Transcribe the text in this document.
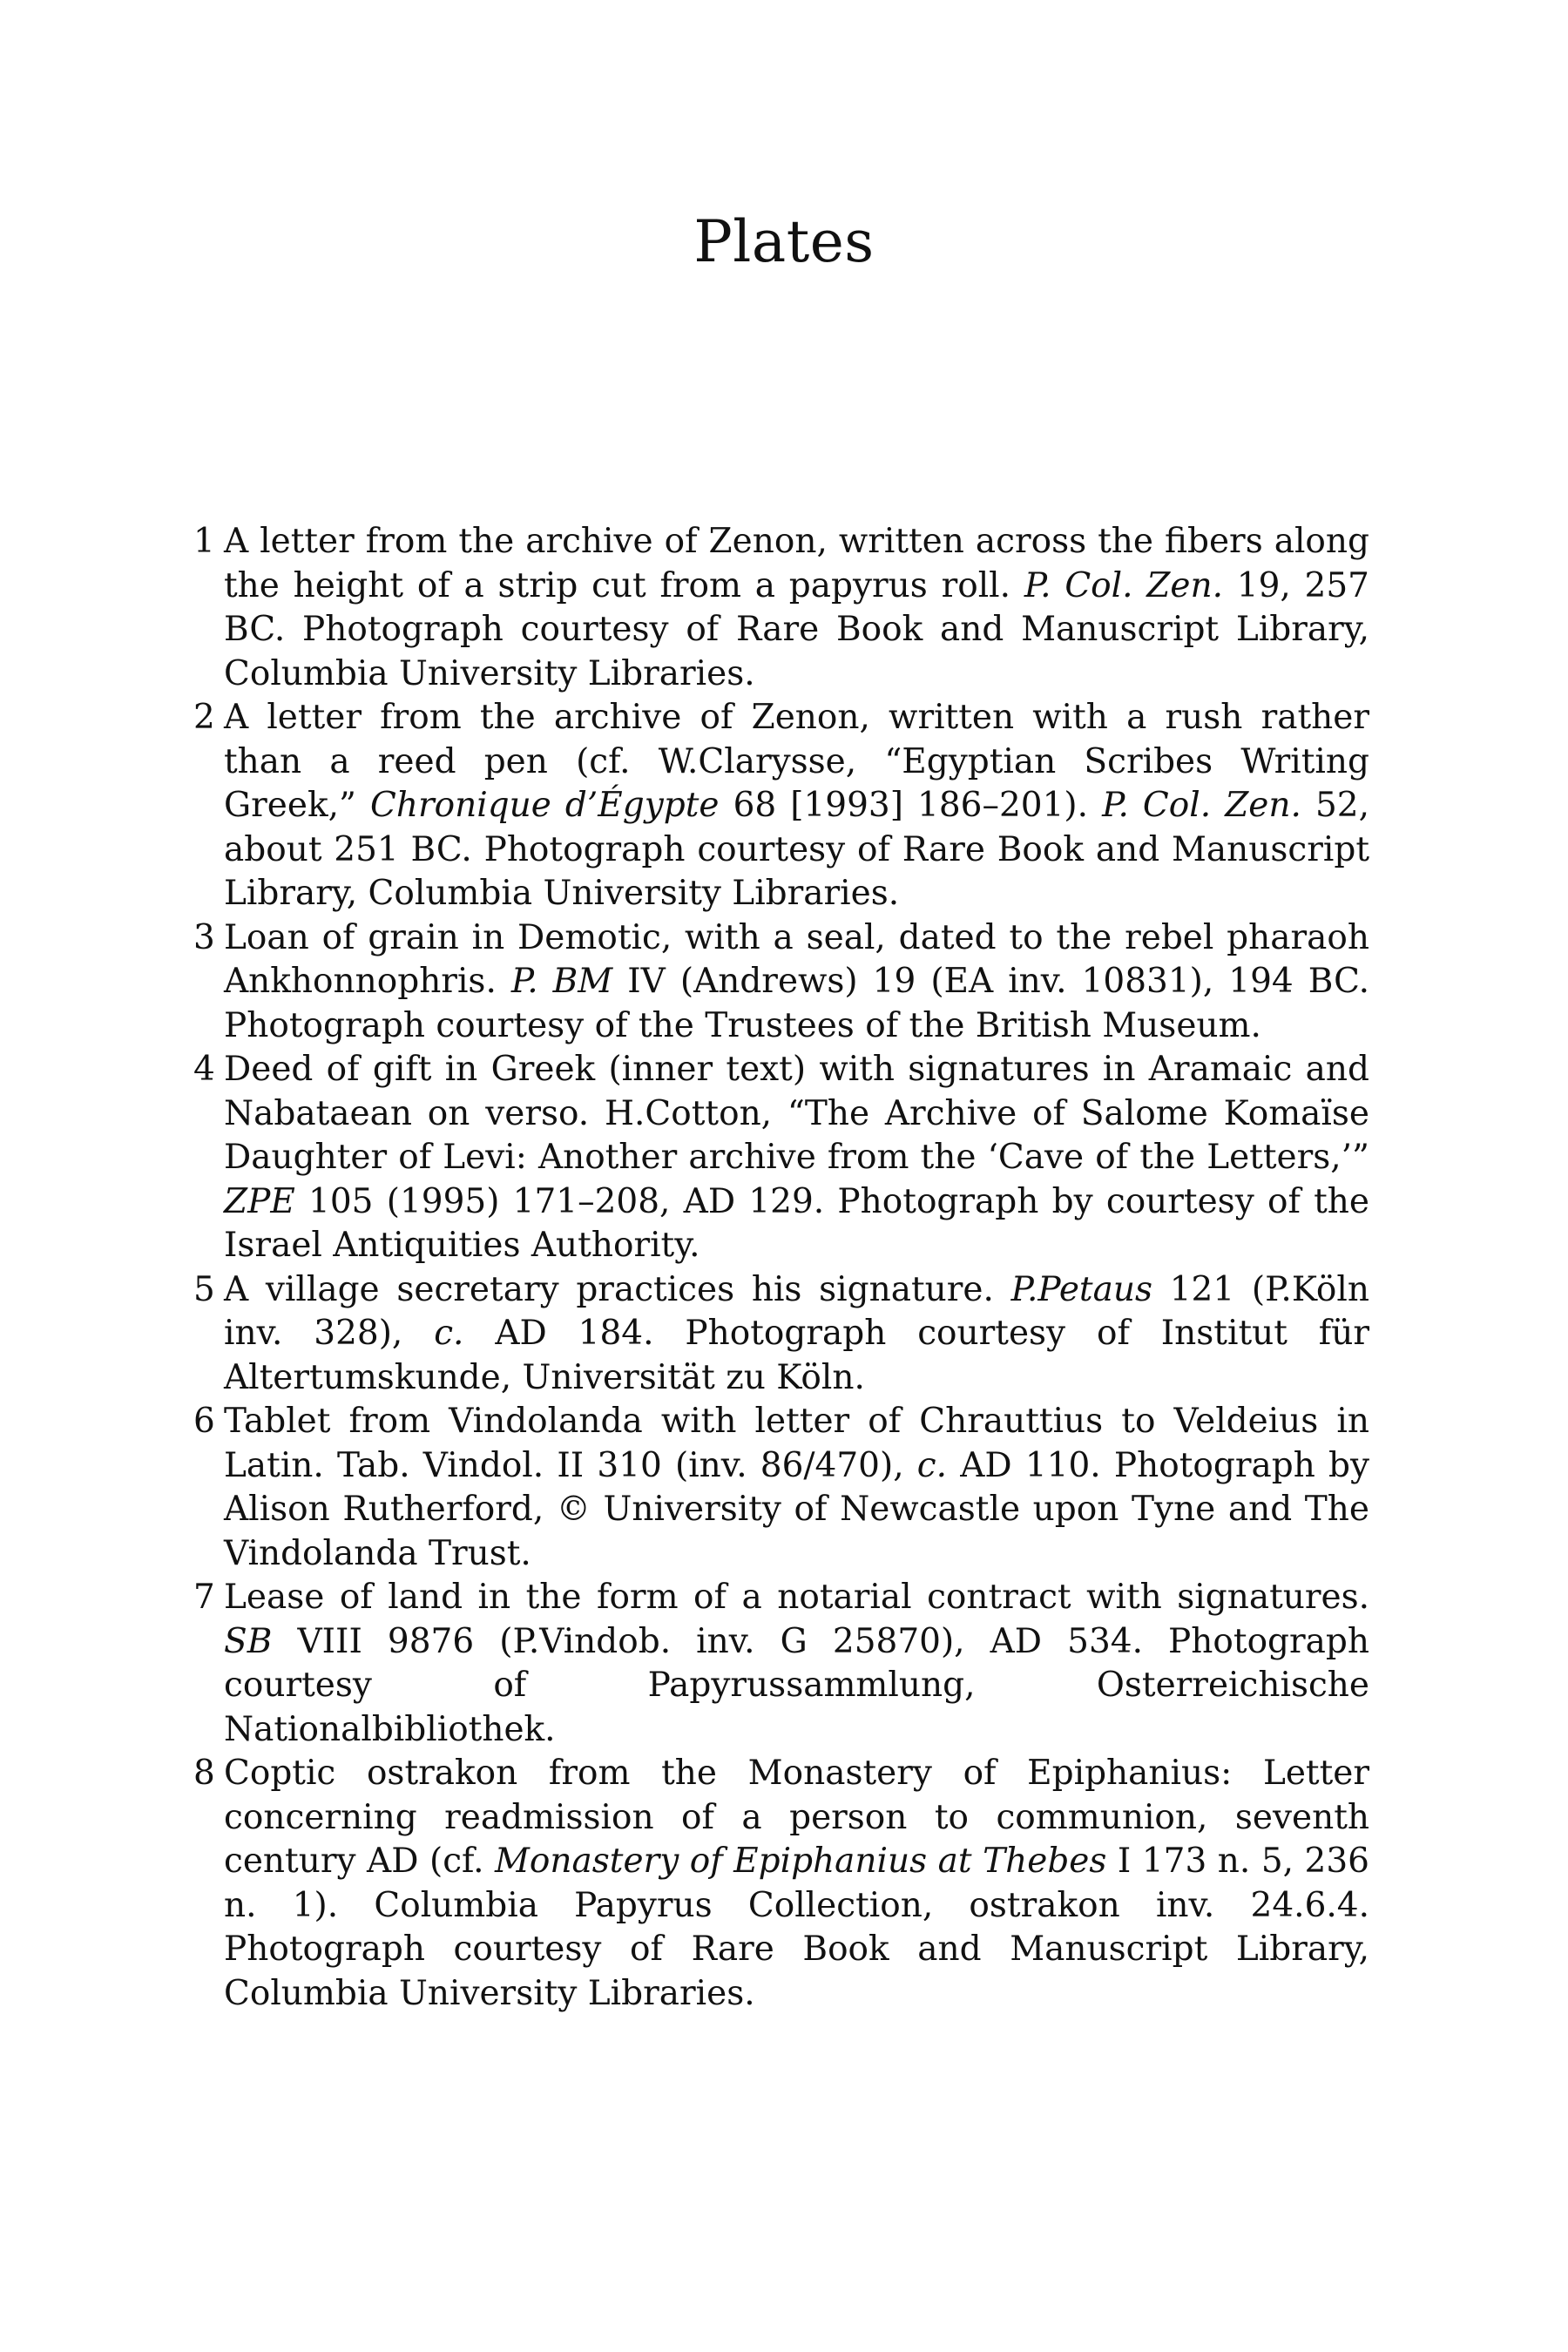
Plates
1 A letter from the archive of Zenon, written across the fibers along the height of a strip cut from a papyrus roll. P. Col. Zen. 19, 257 BC. Photograph courtesy of Rare Book and Manuscript Library, Columbia University Libraries.
2 A letter from the archive of Zenon, written with a rush rather than a reed pen (cf. W.Clarysse, “Egyptian Scribes Writing Greek,” Chronique d’Égypte 68 [1993] 186–201). P. Col. Zen. 52, about 251 BC. Photograph courtesy of Rare Book and Manuscript Library, Columbia University Libraries.
3 Loan of grain in Demotic, with a seal, dated to the rebel pharaoh Ankhonnophris. P. BM IV (Andrews) 19 (EA inv. 10831), 194 BC. Photograph courtesy of the Trustees of the British Museum.
4 Deed of gift in Greek (inner text) with signatures in Aramaic and Nabataean on verso. H.Cotton, “The Archive of Salome Komaïse Daughter of Levi: Another archive from the ‘Cave of the Letters,’” ZPE 105 (1995) 171–208, AD 129. Photograph by courtesy of the Israel Antiquities Authority.
5 A village secretary practices his signature. P.Petaus 121 (P.Köln inv. 328), c. AD 184. Photograph courtesy of Institut für Altertumskunde, Universität zu Köln.
6 Tablet from Vindolanda with letter of Chrauttius to Veldeius in Latin. Tab. Vindol. II 310 (inv. 86/470), c. AD 110. Photograph by Alison Rutherford, © University of Newcastle upon Tyne and The Vindolanda Trust.
7 Lease of land in the form of a notarial contract with signatures. SB VIII 9876 (P.Vindob. inv. G 25870), AD 534. Photograph courtesy of Papyrussammlung, Osterreichische Nationalbibliothek.
8 Coptic ostrakon from the Monastery of Epiphanius: Letter concerning readmission of a person to communion, seventh century AD (cf. Monastery of Epiphanius at Thebes I 173 n. 5, 236 n. 1). Columbia Papyrus Collection, ostrakon inv. 24.6.4. Photograph courtesy of Rare Book and Manuscript Library, Columbia University Libraries.
